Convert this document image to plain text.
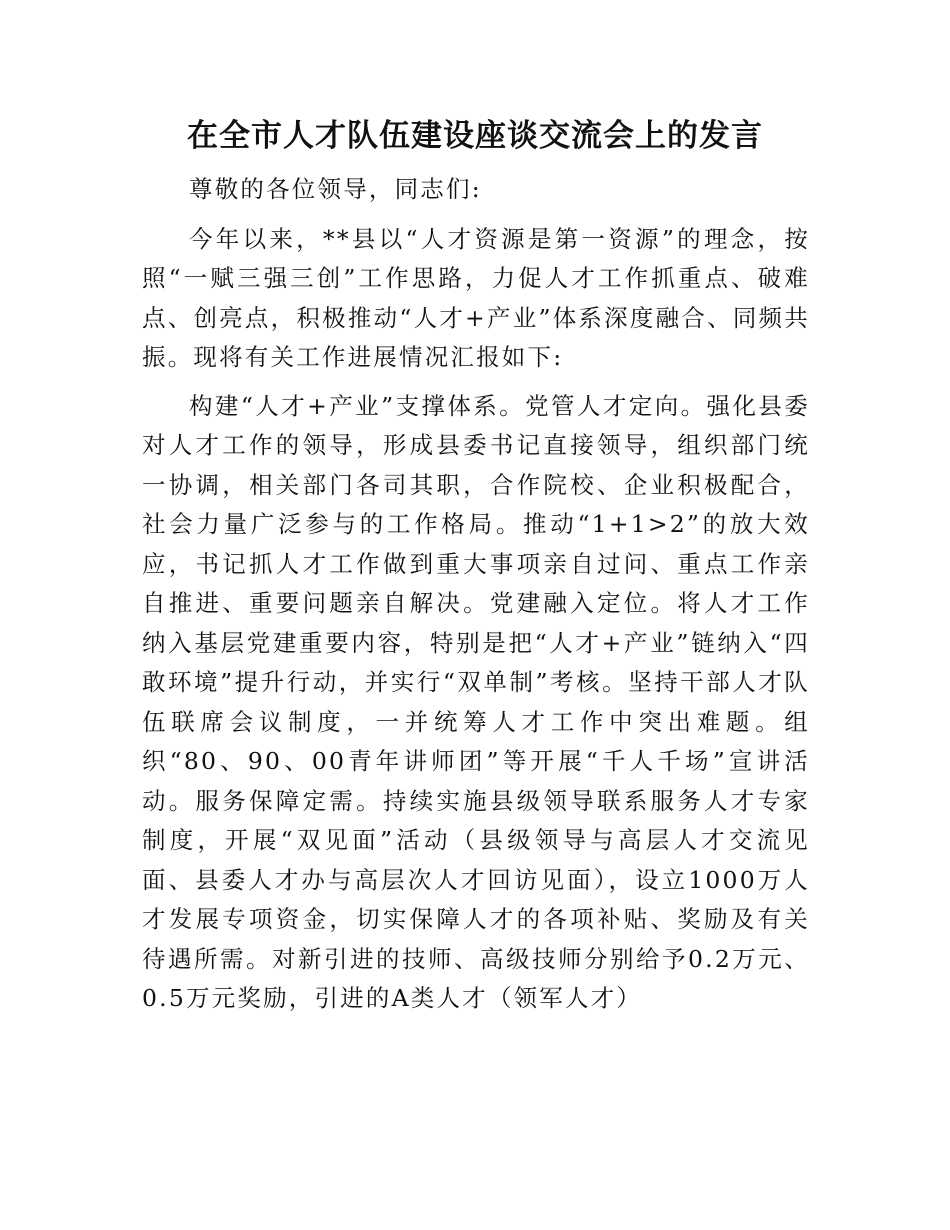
在全市人才队伍建设座谈交流会上的发言

尊敬的各位领导，同志们:

今年以来，**县以“人才资源是第一资源”的理念，按照“一赋三强三创”工作思路，力促人才工作抓重点、破难点、创亮点，积极推动“人才+产业”体系深度融合、同频共振。现将有关工作进展情况汇报如下:

构建“人才+产业”支撑体系。党管人才定向。强化县委对人才工作的领导，形成县委书记直接领导，组织部门统一协调，相关部门各司其职，合作院校、企业积极配合，社会力量广泛参与的工作格局。推动“1+1>2”的放大效应，书记抓人才工作做到重大事项亲自过问、重点工作亲自推进、重要问题亲自解决。党建融入定位。将人才工作纳入基层党建重要内容，特别是把“人才+产业”链纳入“四敢环境”提升行动，并实行“双单制”考核。坚持干部人才队伍联席会议制度，一并统筹人才工作中突出难题。组织“80、90、00青年讲师团”等开展“千人千场”宣讲活动。服务保障定需。持续实施县级领导联系服务人才专家制度，开展“双见面”活动（县级领导与高层人才交流见面、县委人才办与高层次人才回访见面），设立1000万人才发展专项资金，切实保障人才的各项补贴、奖励及有关待遇所需。对新引进的技师、高级技师分别给予0.2万元、0.5万元奖励，引进的A类人才（领军人才）
